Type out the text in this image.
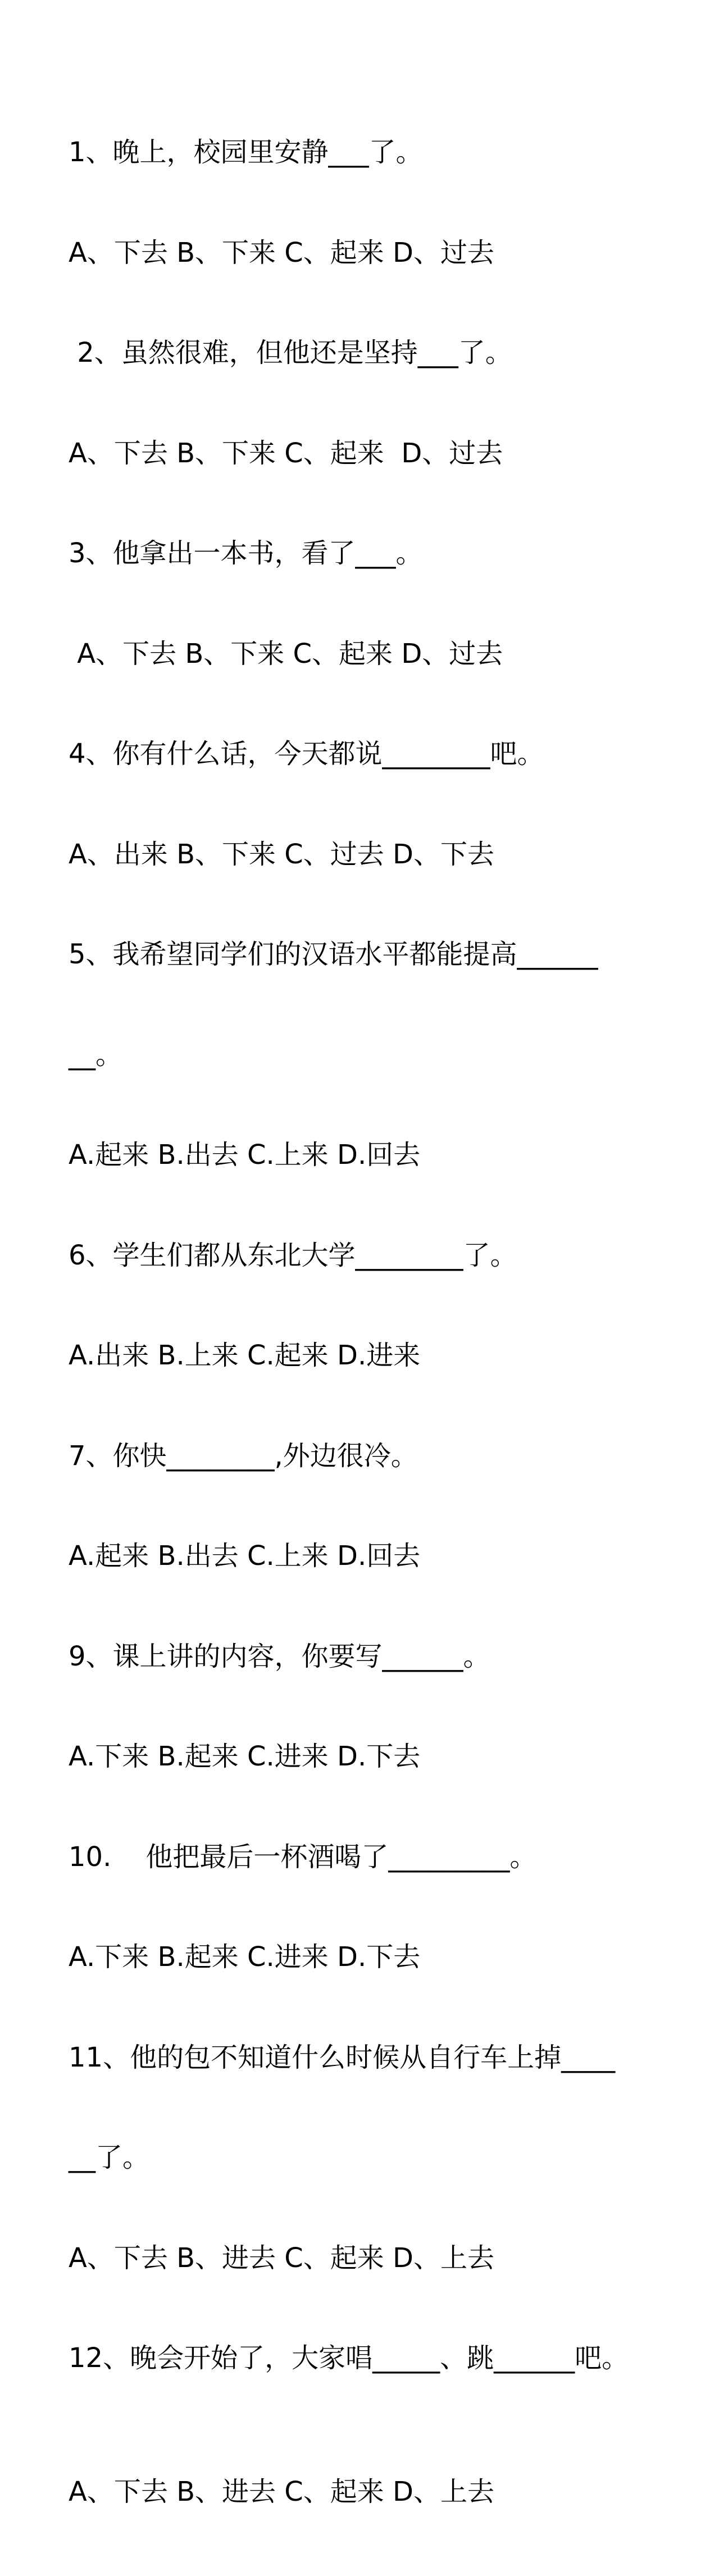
1、晚上，校园里安静___了。

A、下去 B、下来 C、起来 D、过去

2、虽然很难，但他还是坚持___了。

A、下去 B、下来 C、起来  D、过去

3、他拿出一本书，看了___。

A、下去 B、下来 C、起来 D、过去

4、你有什么话，今天都说________吧。

A、出来 B、下来 C、过去 D、下去

5、我希望同学们的汉语水平都能提高______

__。

A.起来 B.出去 C.上来 D.回去

6、学生们都从东北大学________了。

A.出来 B.上来 C.起来 D.进来

7、你快________,外边很冷。

A.起来 B.出去 C.上来 D.回去

9、课上讲的内容，你要写______。

A.下来 B.起来 C.进来 D.下去

10.    他把最后一杯酒喝了_________。

A.下来 B.起来 C.进来 D.下去

11、他的包不知道什么时候从自行车上掉____

__了。

A、下去 B、进去 C、起来 D、上去

12、晚会开始了，大家唱_____、跳______吧。

A、下去 B、进去 C、起来 D、上去
